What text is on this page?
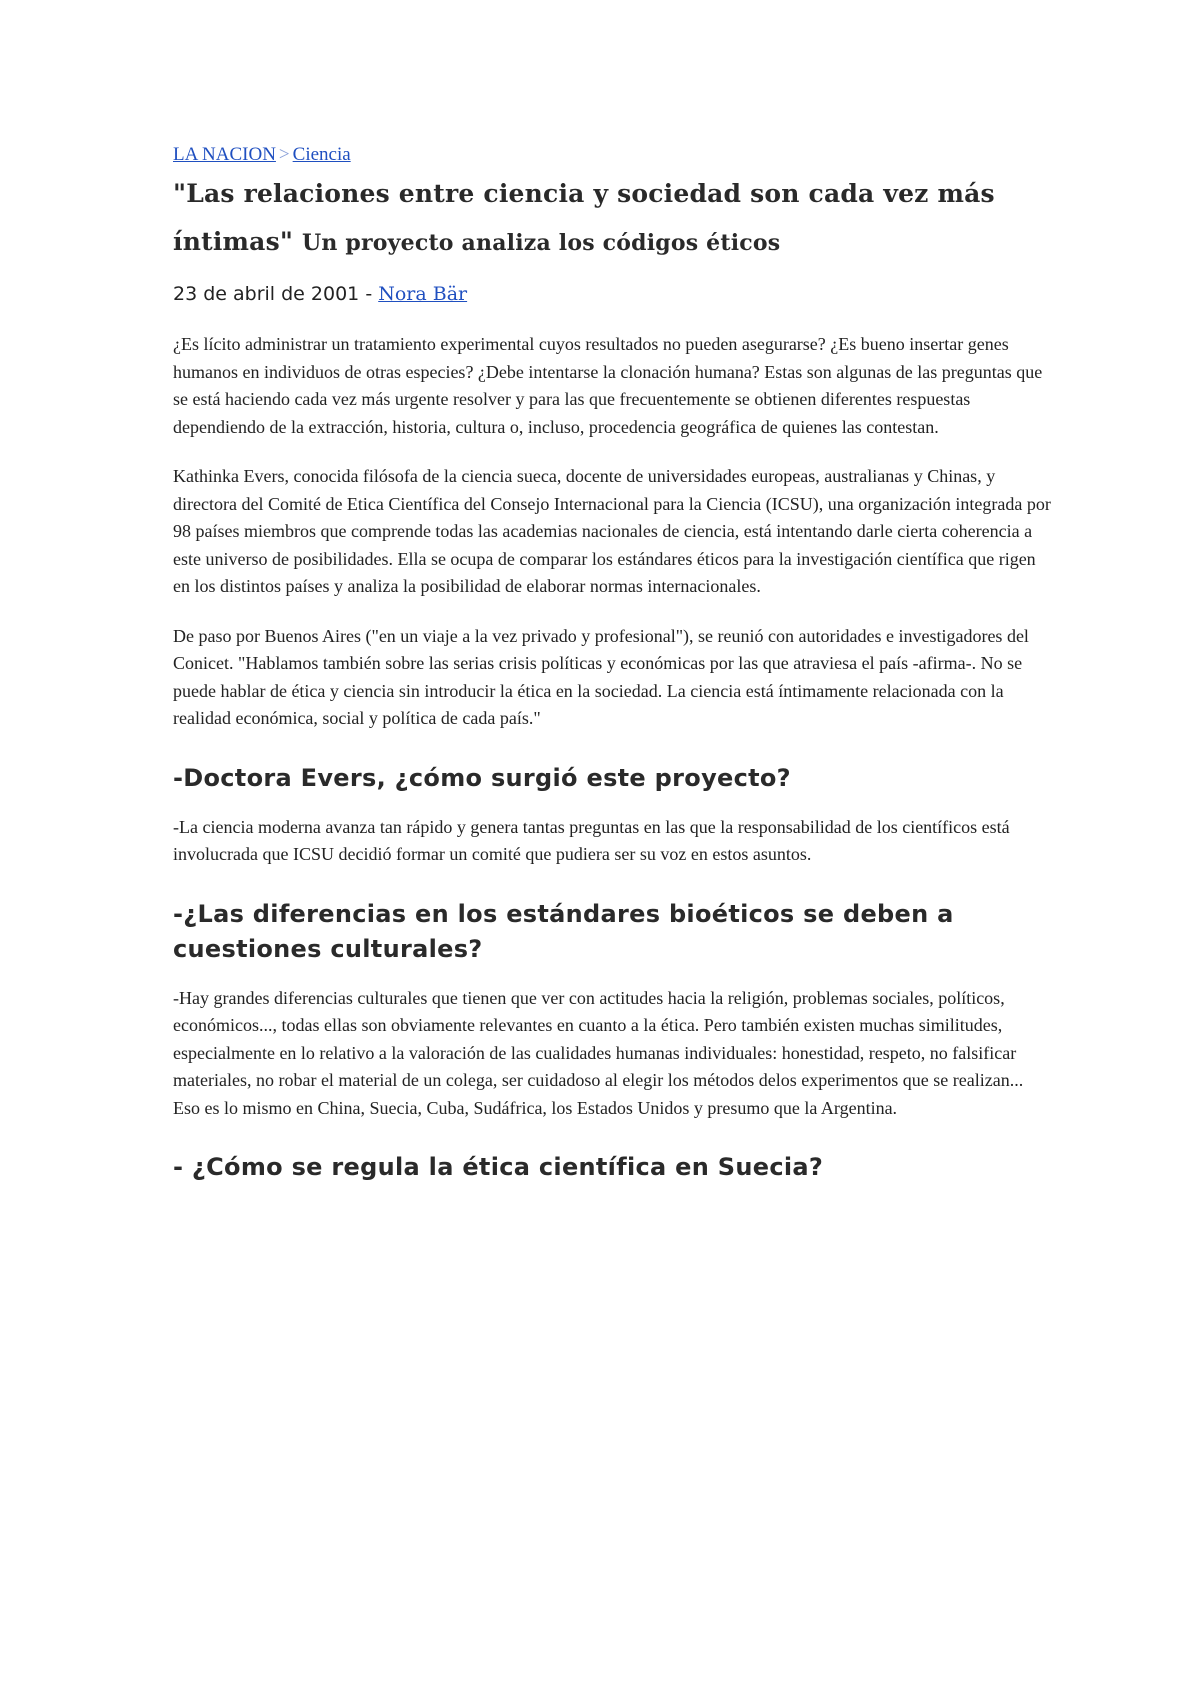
LA NACION > Ciencia
"Las relaciones entre ciencia y sociedad son cada vez más íntimas" Un proyecto analiza los códigos éticos
23 de abril de 2001 - Nora Bär

¿Es lícito administrar un tratamiento experimental cuyos resultados no pueden asegurarse? ¿Es bueno insertar genes humanos en individuos de otras especies? ¿Debe intentarse la clonación humana? Estas son algunas de las preguntas que se está haciendo cada vez más urgente resolver y para las que frecuentemente se obtienen diferentes respuestas dependiendo de la extracción, historia, cultura o, incluso, procedencia geográfica de quienes las contestan.

Kathinka Evers, conocida filósofa de la ciencia sueca, docente de universidades europeas, australianas y Chinas, y directora del Comité de Etica Científica del Consejo Internacional para la Ciencia (ICSU), una organización integrada por 98 países miembros que comprende todas las academias nacionales de ciencia, está intentando darle cierta coherencia a este universo de posibilidades. Ella se ocupa de comparar los estándares éticos para la investigación científica que rigen en los distintos países y analiza la posibilidad de elaborar normas internacionales.

De paso por Buenos Aires ("en un viaje a la vez privado y profesional"), se reunió con autoridades e investigadores del Conicet. "Hablamos también sobre las serias crisis políticas y económicas por las que atraviesa el país -afirma-. No se puede hablar de ética y ciencia sin introducir la ética en la sociedad. La ciencia está íntimamente relacionada con la realidad económica, social y política de cada país."

-Doctora Evers, ¿cómo surgió este proyecto?

-La ciencia moderna avanza tan rápido y genera tantas preguntas en las que la responsabilidad de los científicos está involucrada que ICSU decidió formar un comité que pudiera ser su voz en estos asuntos.

-¿Las diferencias en los estándares bioéticos se deben a cuestiones culturales?

-Hay grandes diferencias culturales que tienen que ver con actitudes hacia la religión, problemas sociales, políticos, económicos..., todas ellas son obviamente relevantes en cuanto a la ética. Pero también existen muchas similitudes, especialmente en lo relativo a la valoración de las cualidades humanas individuales: honestidad, respeto, no falsificar materiales, no robar el material de un colega, ser cuidadoso al elegir los métodos delos experimentos que se realizan... Eso es lo mismo en China, Suecia, Cuba, Sudáfrica, los Estados Unidos y presumo que la Argentina.

- ¿Cómo se regula la ética científica en Suecia?
